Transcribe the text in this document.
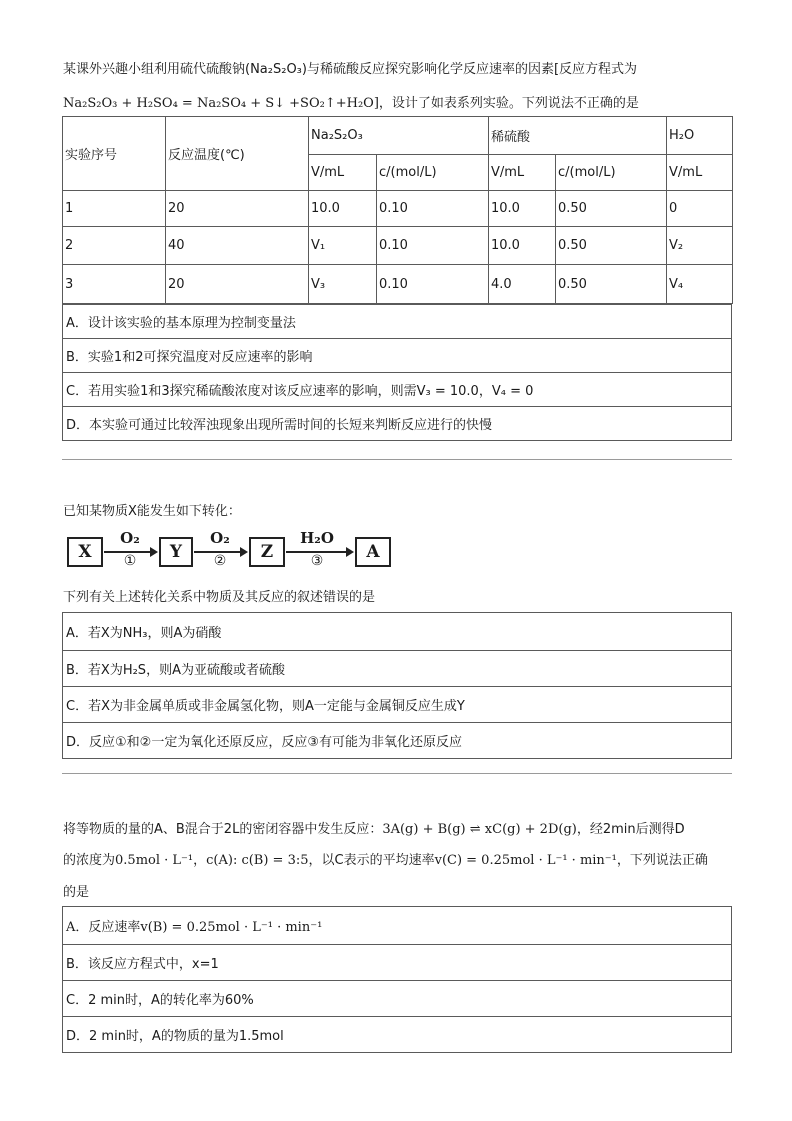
某课外兴趣小组利用硫代硫酸钠(Na₂S₂O₃)与稀硫酸反应探究影响化学反应速率的因素[反应方程式为
Na₂S₂O₃ + H₂SO₄ = Na₂SO₄ + S↓ +SO₂↑+H₂O]，设计了如表系列实验。下列说法不正确的是
实验序号	反应温度(℃)	Na₂S₂O₃		稀硫酸		H₂O
		V/mL	c/(mol/L)	V/mL	c/(mol/L)	V/mL
1	20	10.0	0.10	10.0	0.50	0
2	40	V₁	0.10	10.0	0.50	V₂
3	20	V₃	0.10	4.0	0.50	V₄
A．设计该实验的基本原理为控制变量法
B．实验1和2可探究温度对反应速率的影响
C．若用实验1和3探究稀硫酸浓度对该反应速率的影响，则需V₃ = 10.0，V₄ = 0
D．本实验可通过比较浑浊现象出现所需时间的长短来判断反应进行的快慢
已知某物质X能发生如下转化：
X
O₂
①	Y
O₂
②	Z
H₂O
③	A
下列有关上述转化关系中物质及其反应的叙述错误的是
A．若X为NH₃，则A为硝酸
B．若X为H₂S，则A为亚硫酸或者硫酸
C．若X为非金属单质或非金属氢化物，则A一定能与金属铜反应生成Y
D．反应①和②一定为氧化还原反应，反应③有可能为非氧化还原反应
将等物质的量的A、B混合于2L的密闭容器中发生反应：3A(g) + B(g) ⇌ xC(g) + 2D(g)，经2min后测得D
的浓度为0.5mol · L⁻¹，c(A): c(B) = 3:5，以C表示的平均速率v(C) = 0.25mol · L⁻¹ · min⁻¹，下列说法正确
的是
A．反应速率v(B) = 0.25mol · L⁻¹ · min⁻¹
B．该反应方程式中，x=1
C．2 min时，A的转化率为60%
D．2 min时，A的物质的量为1.5mol
